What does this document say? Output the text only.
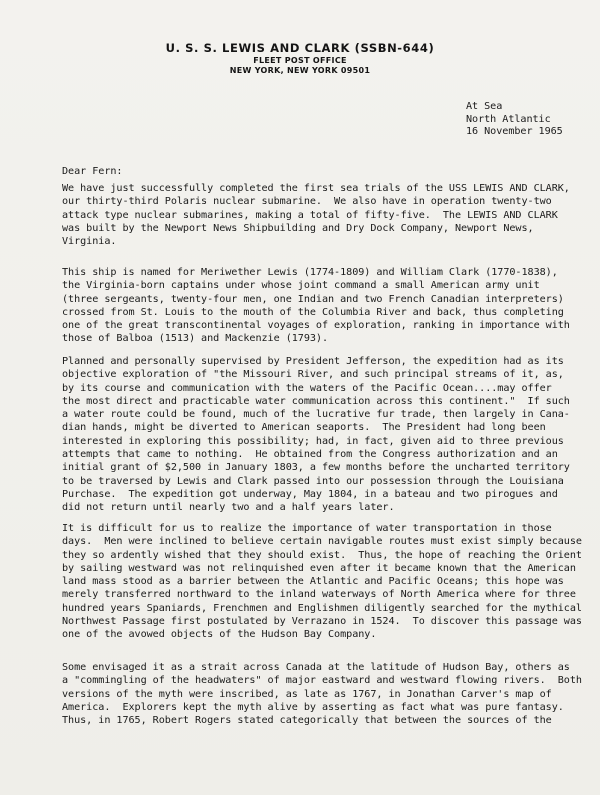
U. S. S. LEWIS AND CLARK (SSBN-644)

FLEET POST OFFICE

NEW YORK, NEW YORK 09501

At Sea
North Atlantic
16 November 1965
Dear Fern:
We have just successfully completed the first sea trials of the USS LEWIS AND CLARK,
our thirty-third Polaris nuclear submarine.  We also have in operation twenty-two
attack type nuclear submarines, making a total of fifty-five.  The LEWIS AND CLARK
was built by the Newport News Shipbuilding and Dry Dock Company, Newport News,
Virginia.
This ship is named for Meriwether Lewis (1774-1809) and William Clark (1770-1838),
the Virginia-born captains under whose joint command a small American army unit
(three sergeants, twenty-four men, one Indian and two French Canadian interpreters)
crossed from St. Louis to the mouth of the Columbia River and back, thus completing
one of the great transcontinental voyages of exploration, ranking in importance with
those of Balboa (1513) and Mackenzie (1793).
Planned and personally supervised by President Jefferson, the expedition had as its
objective exploration of "the Missouri River, and such principal streams of it, as,
by its course and communication with the waters of the Pacific Ocean....may offer
the most direct and practicable water communication across this continent."  If such
a water route could be found, much of the lucrative fur trade, then largely in Cana-
dian hands, might be diverted to American seaports.  The President had long been
interested in exploring this possibility; had, in fact, given aid to three previous
attempts that came to nothing.  He obtained from the Congress authorization and an
initial grant of $2,500 in January 1803, a few months before the uncharted territory
to be traversed by Lewis and Clark passed into our possession through the Louisiana
Purchase.  The expedition got underway, May 1804, in a bateau and two pirogues and
did not return until nearly two and a half years later.
It is difficult for us to realize the importance of water transportation in those
days.  Men were inclined to believe certain navigable routes must exist simply because
they so ardently wished that they should exist.  Thus, the hope of reaching the Orient
by sailing westward was not relinquished even after it became known that the American
land mass stood as a barrier between the Atlantic and Pacific Oceans; this hope was
merely transferred northward to the inland waterways of North America where for three
hundred years Spaniards, Frenchmen and Englishmen diligently searched for the mythical
Northwest Passage first postulated by Verrazano in 1524.  To discover this passage was
one of the avowed objects of the Hudson Bay Company.
Some envisaged it as a strait across Canada at the latitude of Hudson Bay, others as
a "commingling of the headwaters" of major eastward and westward flowing rivers.  Both
versions of the myth were inscribed, as late as 1767, in Jonathan Carver's map of
America.  Explorers kept the myth alive by asserting as fact what was pure fantasy.
Thus, in 1765, Robert Rogers stated categorically that between the sources of the
